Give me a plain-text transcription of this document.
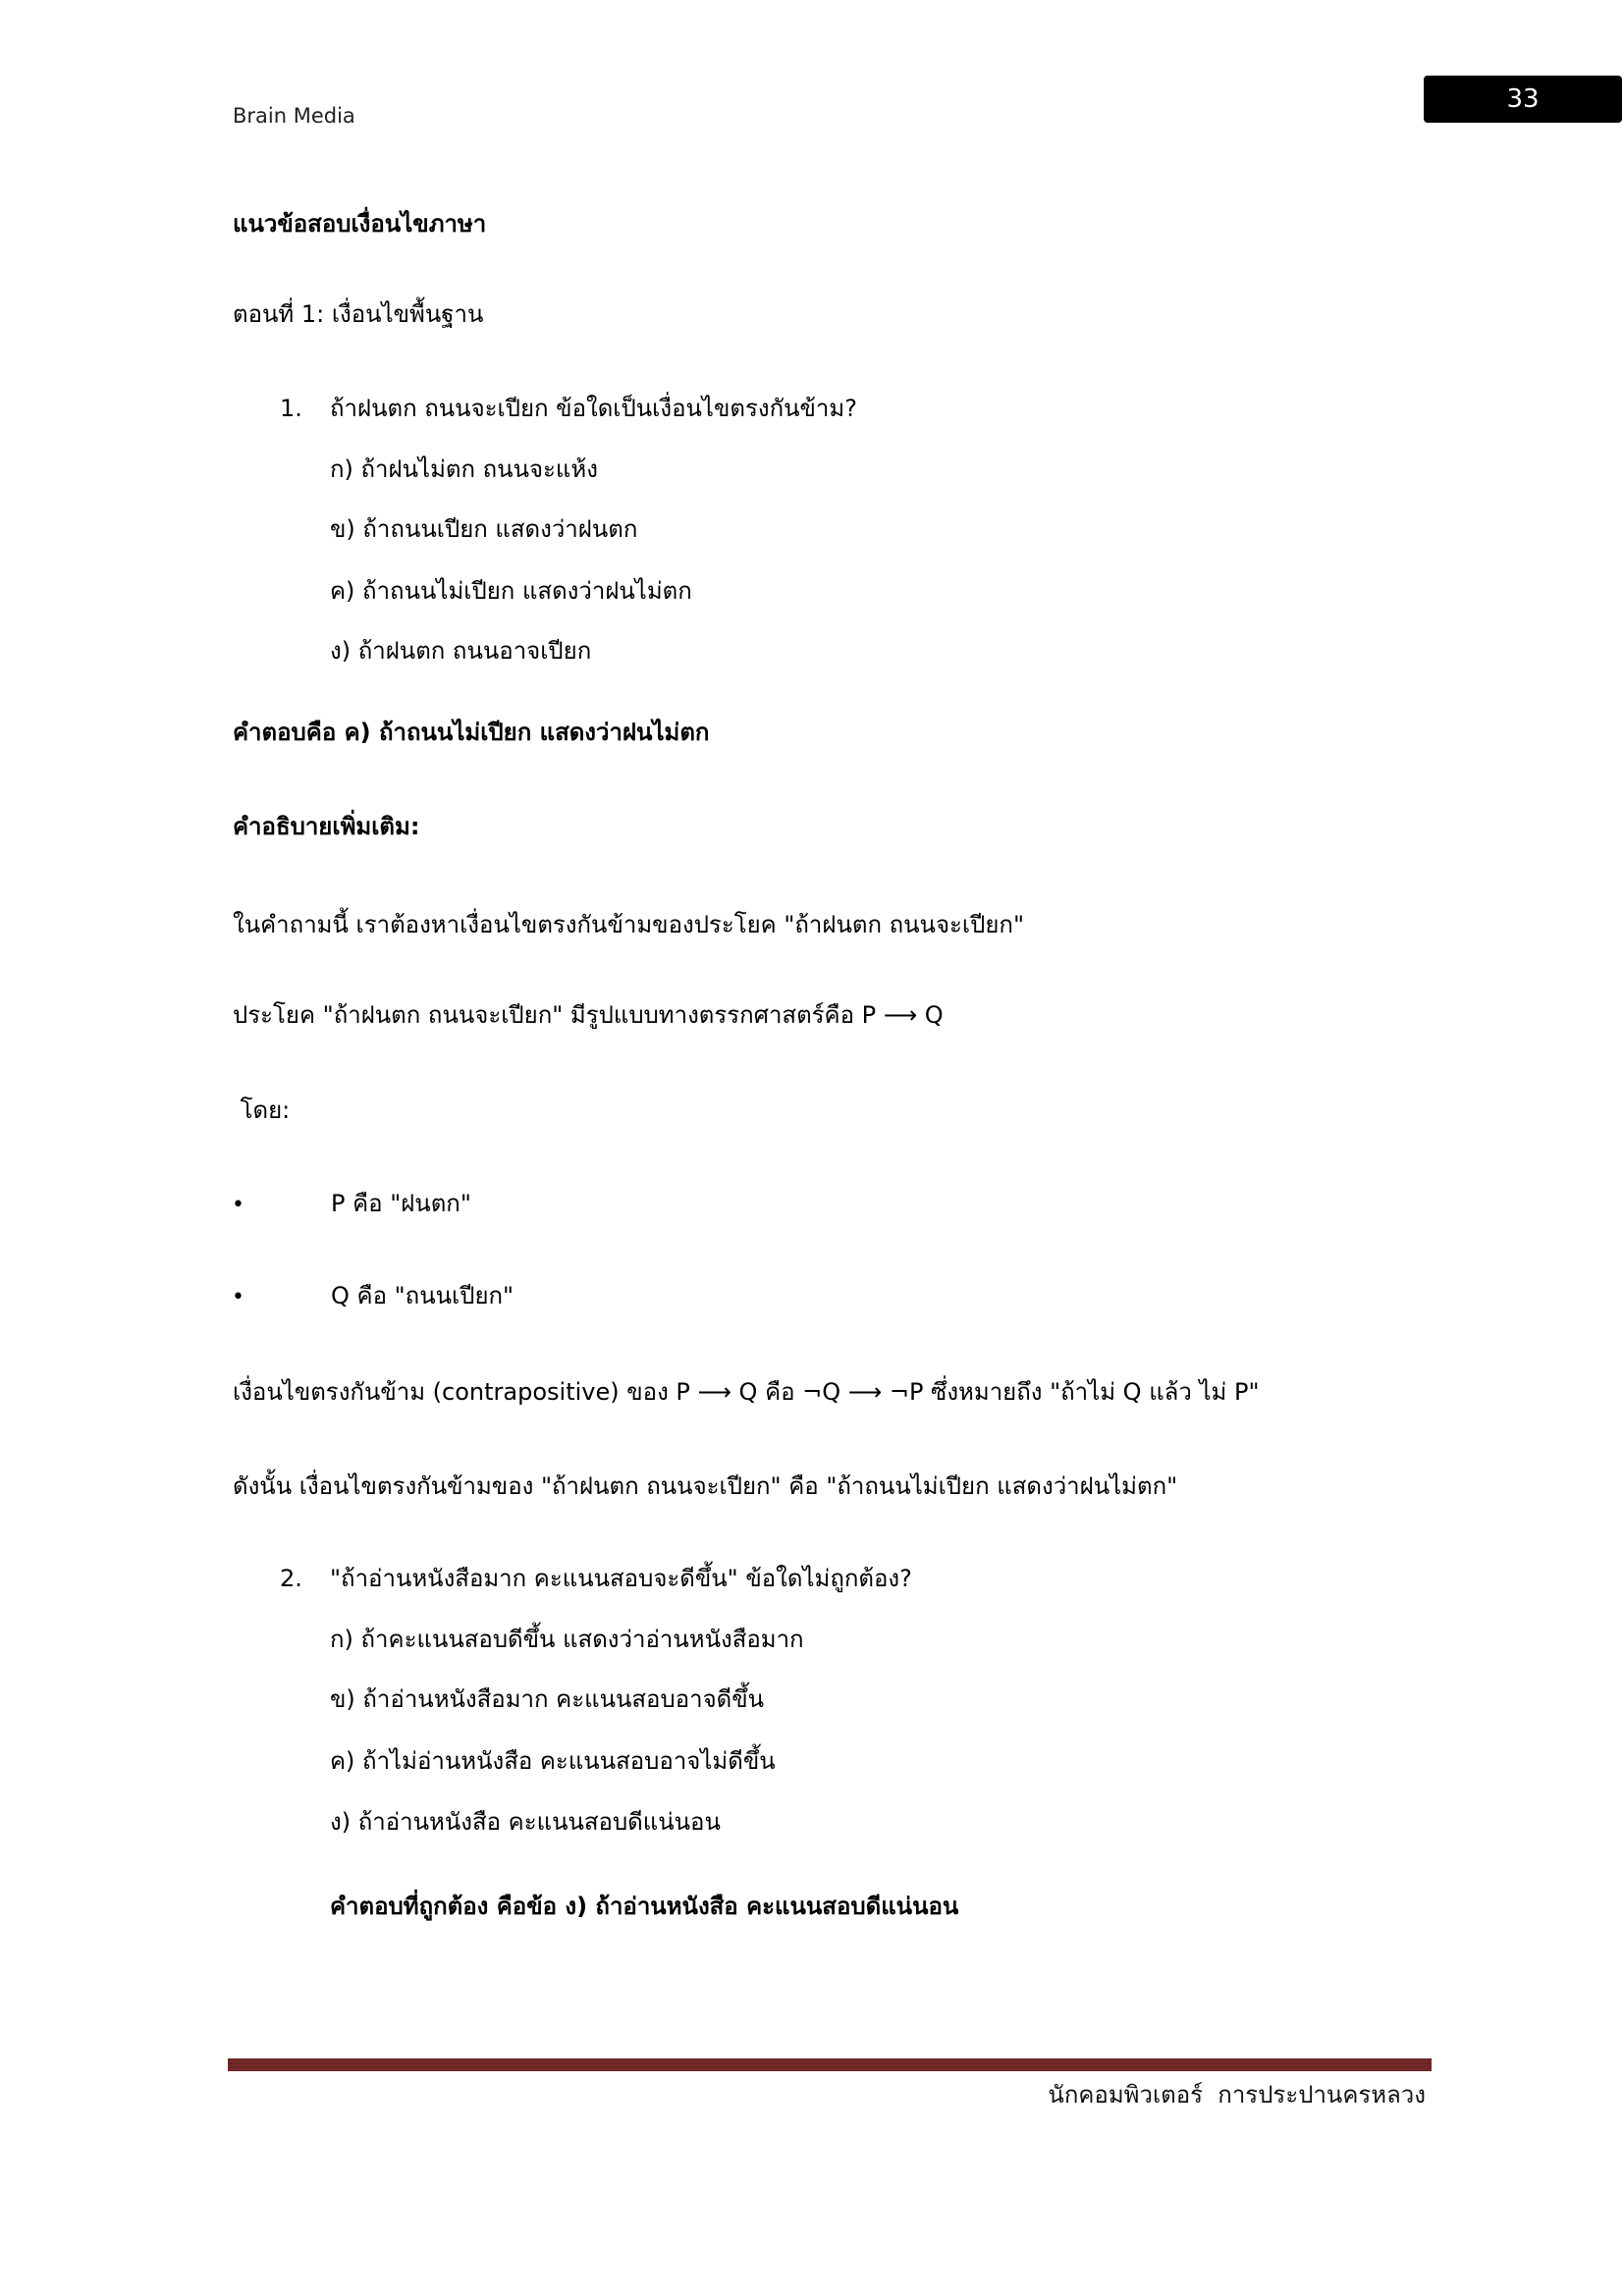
Brain Media
33
แนวข้อสอบเงื่อนไขภาษา
ตอนที่ 1: เงื่อนไขพื้นฐาน
1. ถ้าฝนตก ถนนจะเปียก ข้อใดเป็นเงื่อนไขตรงกันข้าม?
ก) ถ้าฝนไม่ตก ถนนจะแห้ง
ข) ถ้าถนนเปียก แสดงว่าฝนตก
ค) ถ้าถนนไม่เปียก แสดงว่าฝนไม่ตก
ง) ถ้าฝนตก ถนนอาจเปียก
คำตอบคือ ค) ถ้าถนนไม่เปียก แสดงว่าฝนไม่ตก
คำอธิบายเพิ่มเติม:
ในคำถามนี้ เราต้องหาเงื่อนไขตรงกันข้ามของประโยค "ถ้าฝนตก ถนนจะเปียก"
ประโยค "ถ้าฝนตก ถนนจะเปียก" มีรูปแบบทางตรรกศาสตร์คือ P ⟶ Q
โดย:
•	P คือ "ฝนตก"
•	Q คือ "ถนนเปียก"
เงื่อนไขตรงกันข้าม (contrapositive) ของ P ⟶ Q คือ ¬Q ⟶ ¬P ซึ่งหมายถึง "ถ้าไม่ Q แล้ว ไม่ P"
ดังนั้น เงื่อนไขตรงกันข้ามของ "ถ้าฝนตก ถนนจะเปียก" คือ "ถ้าถนนไม่เปียก แสดงว่าฝนไม่ตก"
2. "ถ้าอ่านหนังสือมาก คะแนนสอบจะดีขึ้น" ข้อใดไม่ถูกต้อง?
ก) ถ้าคะแนนสอบดีขึ้น แสดงว่าอ่านหนังสือมาก
ข) ถ้าอ่านหนังสือมาก คะแนนสอบอาจดีขึ้น
ค) ถ้าไม่อ่านหนังสือ คะแนนสอบอาจไม่ดีขึ้น
ง) ถ้าอ่านหนังสือ คะแนนสอบดีแน่นอน
คำตอบที่ถูกต้อง คือข้อ ง) ถ้าอ่านหนังสือ คะแนนสอบดีแน่นอน
นักคอมพิวเตอร์  การประปานครหลวง
